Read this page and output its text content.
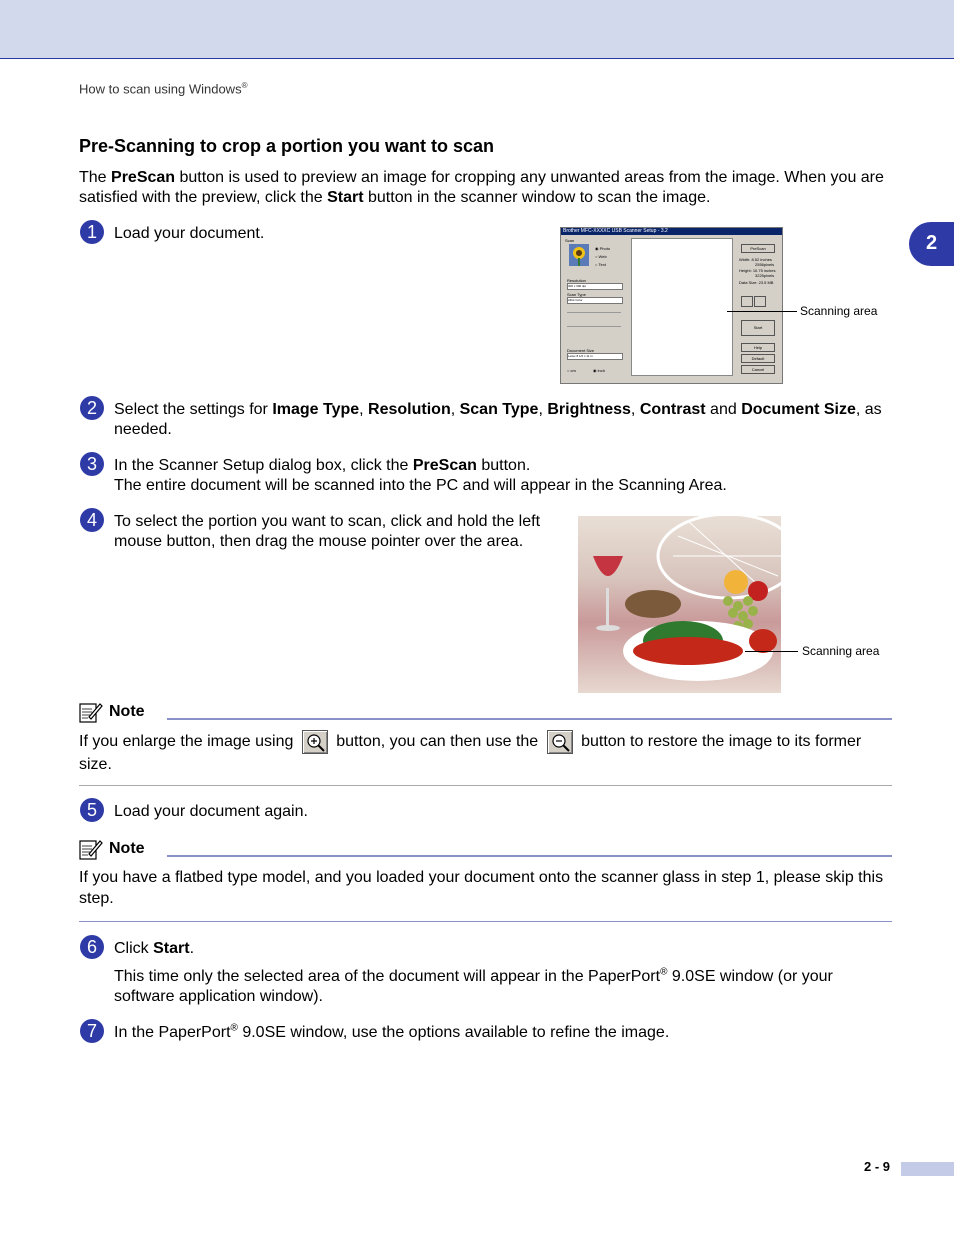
How to scan using Windows®
2
Pre-Scanning to crop a portion you want to scan
The PreScan button is used to preview an image for cropping any unwanted areas from the image. When you are satisfied with the preview, click the Start button in the scanner window to scan the image.
1	Load your document.	Brother MFC-XXXXC USB Scanner Setup - 3.2
Scan
◉ Photo
○ Web
○ Text
Resolution
300 x 300 dpi
Scan Type
24bit Color
Document Size
Letter 8 1/2 x 11 in
○ cm	◉ inch
PreScan
Width: 8.52 inches
2556pixels
Height: 10.75 inches
3225pixels
Data Size: 23.5 MB
Start
Help
Default
Cancel
Scanning area
2	Select the settings for Image Type, Resolution, Scan Type, Brightness, Contrast and Document Size, as needed.
3	In the Scanner Setup dialog box, click the PreScan button.
The entire document will be scanned into the PC and will appear in the Scanning Area.
4	To select the portion you want to scan, click and hold the left mouse button, then drag the mouse pointer over the area.
Scanning area
Note
If you enlarge the image using  button, you can then use the  button to restore the image to its former size.
5	Load your document again.
Note
If you have a flatbed type model, and you loaded your document onto the scanner glass in step 1, please skip this step.
6	Click Start.
This time only the selected area of the document will appear in the PaperPort® 9.0SE window (or your software application window).
7	In the PaperPort® 9.0SE window, use the options available to refine the image.
2 - 9
